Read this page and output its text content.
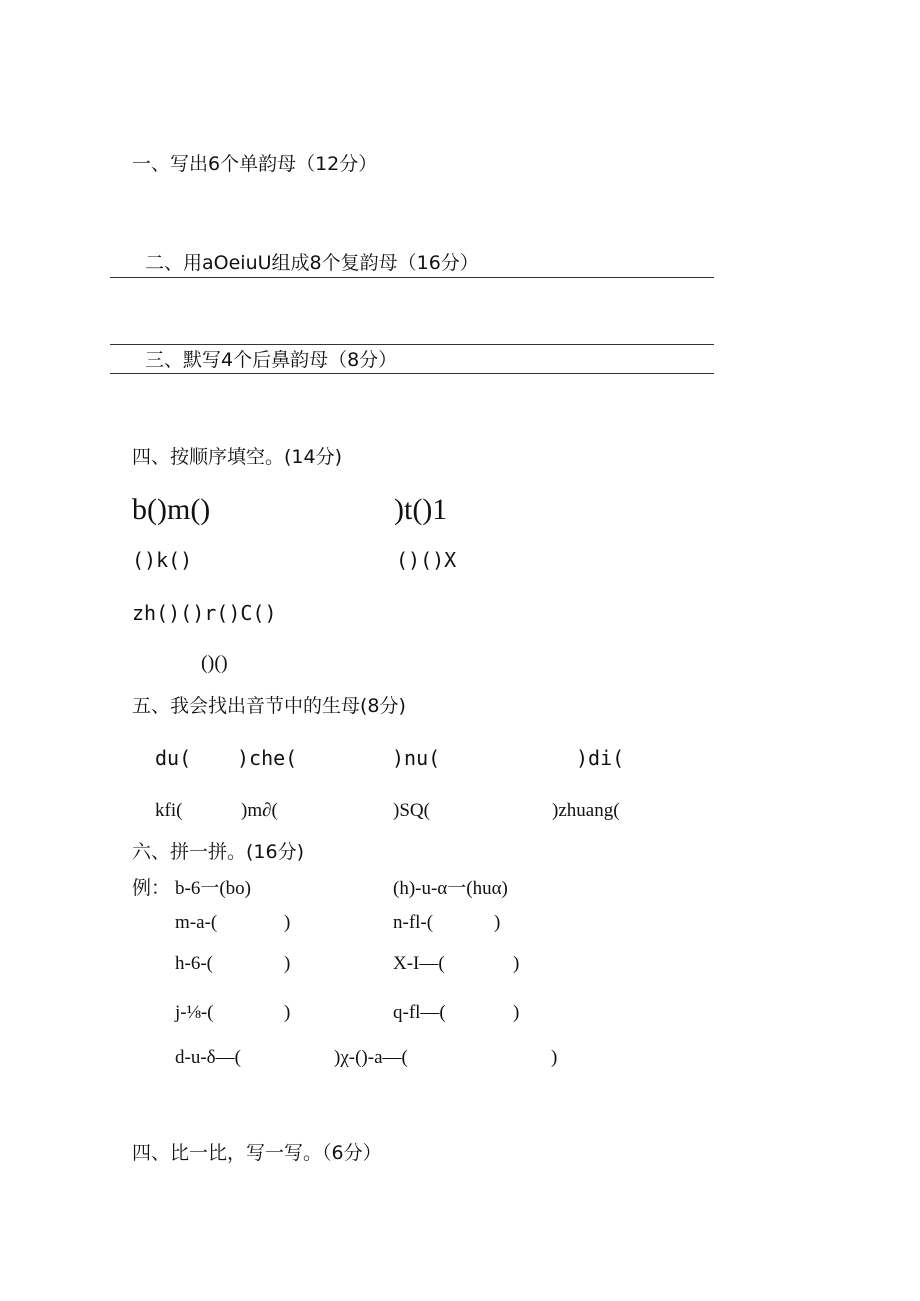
一、写出6个单韵母（12分）
二、用aOeiuU组成8个复韵母（16分）
三、默写4个后鼻韵母（8分）
四、按顺序填空。(14分)
b()m()	)t()1
()k()	()()X
zh()()r()C()
()()
五、我会找出音节中的生母(8分)
du( )che(	)nu(	)di(
kfi(	)m∂(	)SQ(	)zhuang(
六、拼一拼。(16分)
例： b-6一(bo)	(h)-u-α一(huα)
m-a-(	)	n-fl-(	)
h-6-(	)	X-I—(	)
j-⅛-(	)	q-fl—(	)
d-u-δ—(	)χ-()-a—(	)
四、比一比，写一写。（6分）
